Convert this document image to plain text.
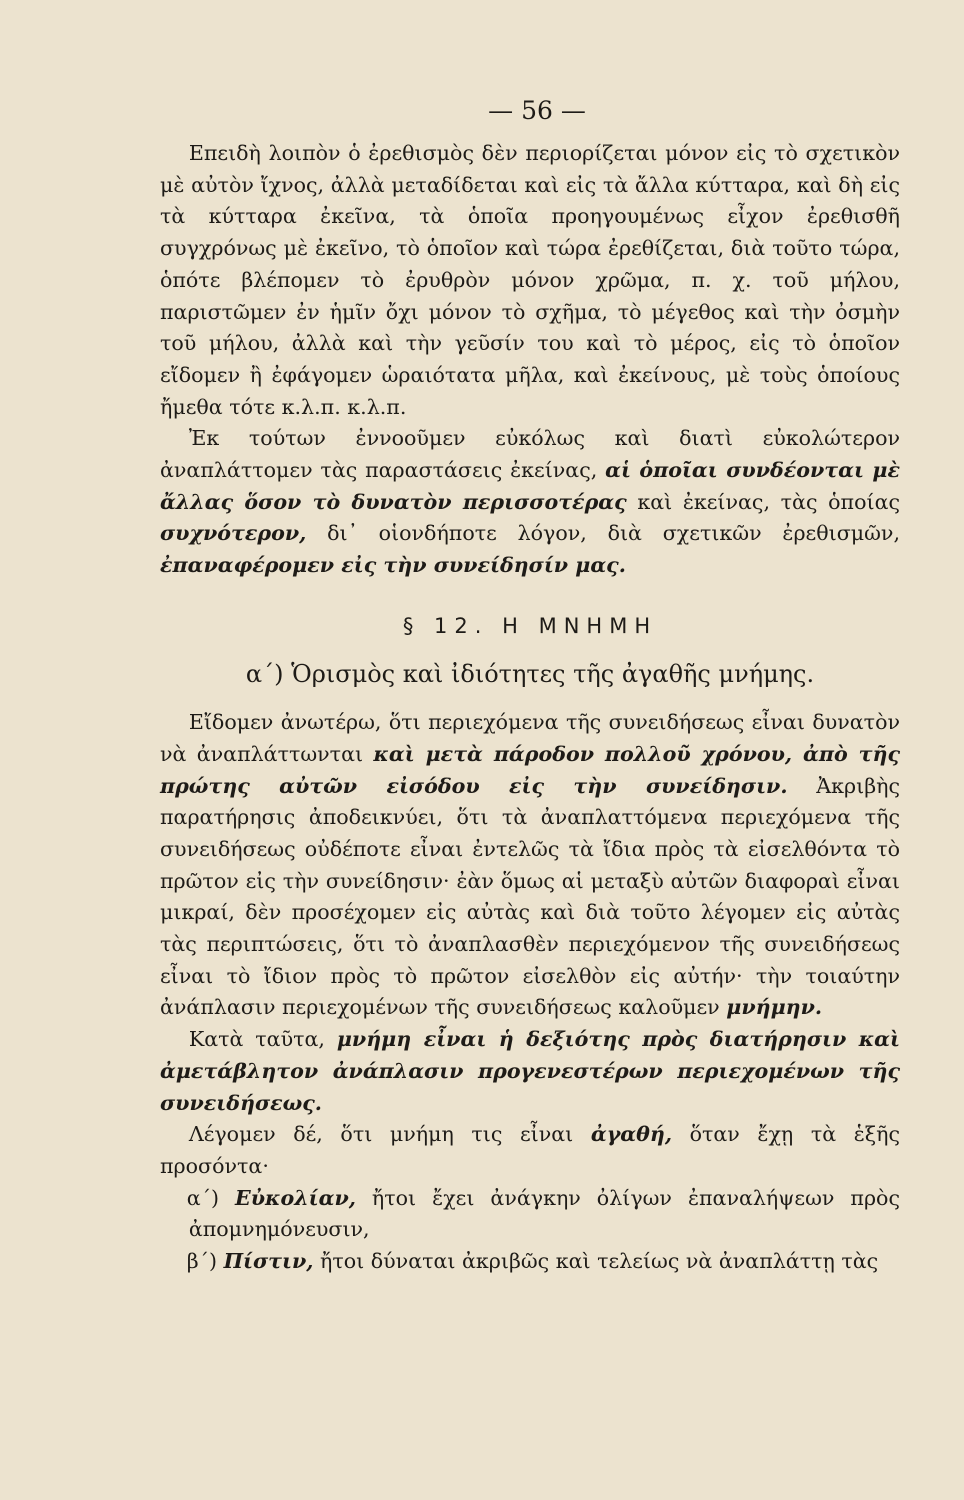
— 56 —

Επειδὴ λοιπὸν ὁ ἐρεθισμὸς δὲν περιορίζεται μόνον εἰς τὸ σχετικὸν μὲ αὐτὸν ἴχνος, ἀλλὰ μεταδίδεται καὶ εἰς τὰ ἄλλα κύτταρα, καὶ δὴ εἰς τὰ κύτταρα ἐκεῖνα, τὰ ὁποῖα προηγουμένως εἶχον ἐρεθισθῆ συγχρόνως μὲ ἐκεῖνο, τὸ ὁποῖον καὶ τώρα ἐρεθίζεται, διὰ τοῦτο τώρα, ὁπότε βλέπομεν τὸ ἐρυθρὸν μόνον χρῶμα, π. χ. τοῦ μήλου, παριστῶμεν ἐν ἡμῖν ὄχι μόνον τὸ σχῆμα, τὸ μέγεθος καὶ τὴν ὀσμὴν τοῦ μήλου, ἀλλὰ καὶ τὴν γεῦσίν του καὶ τὸ μέρος, εἰς τὸ ὁποῖον εἴδομεν ἢ ἐφάγομεν ὡραιότατα μῆλα, καὶ ἐκείνους, μὲ τοὺς ὁποίους ἤμεθα τότε κ.λ.π. κ.λ.π.

Ἐκ τούτων ἐννοοῦμεν εὐκόλως καὶ διατὶ εὐκολώτερον ἀναπλάττομεν τὰς παραστάσεις ἐκείνας, αἱ ὁποῖαι συνδέονται μὲ ἄλλας ὅσον τὸ δυνατὸν περισσοτέρας καὶ ἐκείνας, τὰς ὁποίας συχνότερον, δι᾽ οἱονδήποτε λόγον, διὰ σχετικῶν ἐρεθισμῶν, ἐπαναφέρομεν εἰς τὴν συνείδησίν μας.

§ 12. Η ΜΝΗΜΗ
α΄) Ὁρισμὸς καὶ ἰδιότητες τῆς ἀγαθῆς μνήμης.

Εἴδομεν ἀνωτέρω, ὅτι περιεχόμενα τῆς συνειδήσεως εἶναι δυνατὸν νὰ ἀναπλάττωνται καὶ μετὰ πάροδον πολλοῦ χρόνου, ἀπὸ τῆς πρώτης αὐτῶν εἰσόδου εἰς τὴν συνείδησιν. Ἀκριβὴς παρατήρησις ἀποδεικνύει, ὅτι τὰ ἀναπλαττόμενα περιεχόμενα τῆς συνειδήσεως οὐδέποτε εἶναι ἐντελῶς τὰ ἴδια πρὸς τὰ εἰσελθόντα τὸ πρῶτον εἰς τὴν συνείδησιν· ἐὰν ὅμως αἱ μεταξὺ αὐτῶν διαφοραὶ εἶναι μικραί, δὲν προσέχομεν εἰς αὐτὰς καὶ διὰ τοῦτο λέγομεν εἰς αὐτὰς τὰς περιπτώσεις, ὅτι τὸ ἀναπλασθὲν περιεχόμενον τῆς συνειδήσεως εἶναι τὸ ἴδιον πρὸς τὸ πρῶτον εἰσελθὸν εἰς αὐτήν· τὴν τοιαύτην ἀνάπλασιν περιεχομένων τῆς συνειδήσεως καλοῦμεν μνήμην.

Κατὰ ταῦτα, μνήμη εἶναι ἡ δεξιότης πρὸς διατήρησιν καὶ ἀμετάβλητον ἀνάπλασιν προγενεστέρων περιεχομένων τῆς συνειδήσεως.

Λέγομεν δέ, ὅτι μνήμη τις εἶναι ἀγαθή, ὅταν ἔχῃ τὰ ἑξῆς προσόντα·

α΄) Εὐκολίαν, ἤτοι ἔχει ἀνάγκην ὀλίγων ἐπαναλήψεων πρὸς ἀπομνημόνευσιν,

β΄) Πίστιν, ἤτοι δύναται ἀκριβῶς καὶ τελείως νὰ ἀναπλάττῃ τὰς
